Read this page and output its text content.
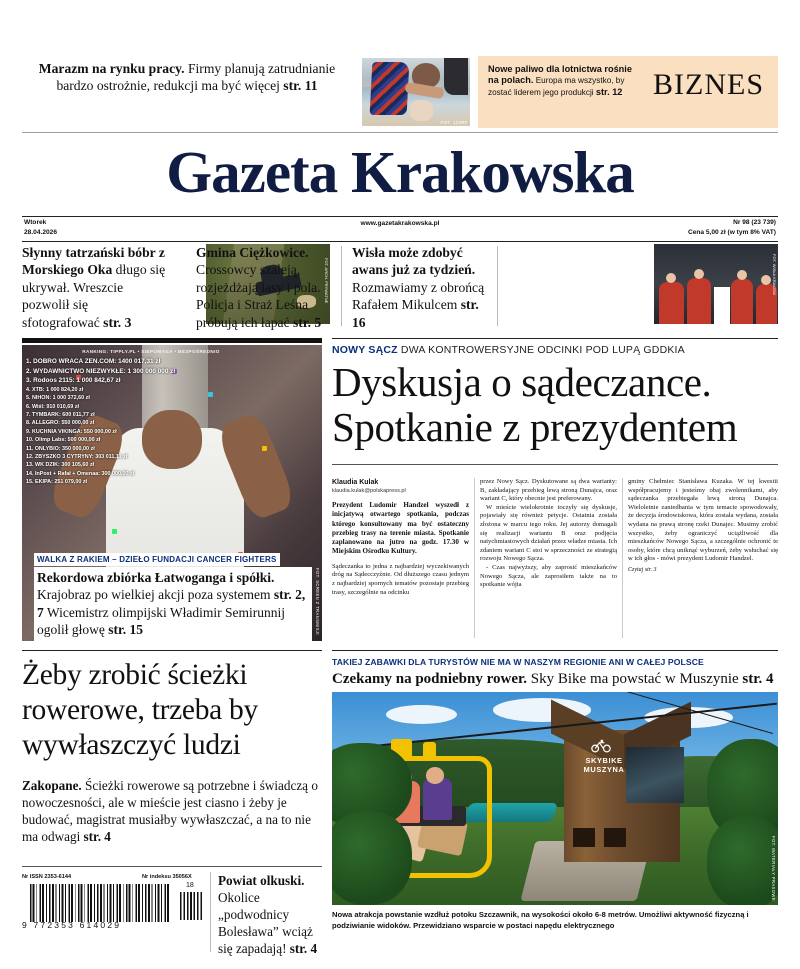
Marazm na rynku pracy. Firmy planują zatrudnianie
bardzo ostrożnie, redukcji ma być więcej str. 11
FOT. 123RF
Nowe paliwo dla lotnictwa rośnie na polach. Europa ma wszystko, by zostać liderem jego produkcji str. 12	BIZNES
Gazeta Krakowska
Wtorek
28.04.2026
www.gazetakrakowska.pl	Nr 98 (23 739)
Cena 5,00 zł (w tym 8% VAT)
Słynny tatrzański bóbr z Morskiego Oka długo się ukrywał. Wreszcie pozwolił się sfotografować str. 3
FOT. ARCH. PRYWATNE
Gmina Ciężkowice. Crossowcy szaleją, rozjeżdżają lasy i pola. Policja i Straż Leśna próbują ich łapać str. 5
Wisła może zdobyć awans już za tydzień. Rozmawiamy z obrońcą Rafałem Mikulcem str. 16
FOT. WISŁA KRAKÓW
RANKING: TIPPLY.PL • SIEPOMAGA • BEZPOŚREDNIO
1. DOBRO WRACA ZEN.COM: 1400 017,31 zł
2. WYDAWNICTWO NIEZWYKŁE: 1 300 000 000 zł
3. Rodoos 2115: 1 000 842,67 zł
4. XTB: 1 000 824,20 zł
5. NIHON: 1 000 372,60 zł
6. Wiśl: 910 010,69 zł
7. TYMBARK: 600 011,77 zł
8. ALLEGRO: 550 000,00 zł
9. KUCHNIA VIKINGA: 550 000,00 zł
10. Olimp Labs: 500 000,00 zł
11. ONLYBIO: 350 000,00 zł
12. ZBYSZKO 3 CYTRYNY: 303 011,11 zł
13. WK DZIK: 300 105,60 zł
14. InPost + Rafał + Omenaa: 300 000,00 zł
15. EKIPA: 251 079,00 zł
FOT. SCREEN Z TRANSMISJI
WALKA Z RAKIEM – DZIEŁO FUNDACJI CANCER FIGHTERS
Rekordowa zbiórka Łatwoganga i spółki. Krajobraz po wielkiej akcji poza systemem str. 2, 7 Wicemistrz olimpijski Władimir Semirunnij ogolił głowę str. 15
NOWY SĄCZ DWA KONTROWERSYJNE ODCINKI POD LUPĄ GDDKIA
Dyskusja o sądeczance.
Spotkanie z prezydentem
Klaudia Kulak
klaudia.kulak@polskapress.pl
Prezydent Ludomir Handzel wyszedł z inicjatywą otwartego spotkania, podczas którego konsultowany ma być ostateczny przebieg trasy na terenie miasta. Spotkanie zaplanowano na jutro na godz. 17.30 w Miejskim Ośrodku Kultury.

Sądeczanka to jedna z najbardziej wyczekiwanych dróg na Sądecczyźnie. Od dłuższego czasu jednym z najbardziej spornych tematów pozostaje przebieg trasy, szczególnie na odcinku

przez Nowy Sącz. Dyskutowane są dwa warianty: B, zakładający przebieg lewą stroną Dunajca, oraz wariant C, który obecnie jest preferowany.

W mieście wielokrotnie toczyły się dyskusje, pojawiały się również petycje. Ostatnia została złożona w marcu tego roku. Jej autorzy domagali się realizacji wariantu B oraz podjęcia natychmiastowych działań przez władze miasta. Ich zdaniem wariant C stoi w sprzeczności ze strategią rozwoju Nowego Sącza.

- Czas najwyższy, aby zaprosić mieszkańców Nowego Sącza, ale zaprosiłem także na to spotkanie wójta

gminy Chełmiec Stanisława Kuzaka. W tej kwestii współpracujemy i jesteśmy obaj zwolennikami, aby sądeczanka przebiegała lewą stroną Dunajca. Wieloletnie zaniedbania w tym temacie spowodowały, że decyzja środowiskowa, która została wydana, została wydana na prawą stronę rzeki Dunajec. Musimy zrobić wszystko, żeby ograniczyć uciążliwość dla mieszkańców Nowego Sącza, a szczególnie ochronić te osoby, które chcą uniknąć wyburzeń, żeby wsłuchać się w ich głos - mówi prezydent Ludomir Handzel.

Czytaj str. 3
Żeby zrobić ścieżki
rowerowe, trzeba by
wywłaszczyć ludzi
Zakopane. Ścieżki rowerowe są potrzebne i świadczą o nowoczesności, ale w mieście jest ciasno i żeby je budować, magistrat musiałby wywłaszczać, a na to nie ma odwagi str. 4
Nr ISSN 2353-6144	Nr indeksu 35056X
9 772353 614029
18 Powiat olkuski. Okolice „podwodnicy Bolesława” wciąż się zapadają! str. 4
TAKIEJ ZABAWKI DLA TURYSTÓW NIE MA W NASZYM REGIONIE ANI W CAŁEJ POLSCE
Czekamy na podniebny rower. Sky Bike ma powstać w Muszynie str. 4
SKYBIKE
MUSZYNA
FOT. MATERIAŁY PRASOWE
Nowa atrakcja powstanie wzdłuż potoku Szczawnik, na wysokości około 6-8 metrów. Umożliwi aktywność fizyczną i podziwianie widoków. Przewidziano wsparcie w postaci napędu elektrycznego
